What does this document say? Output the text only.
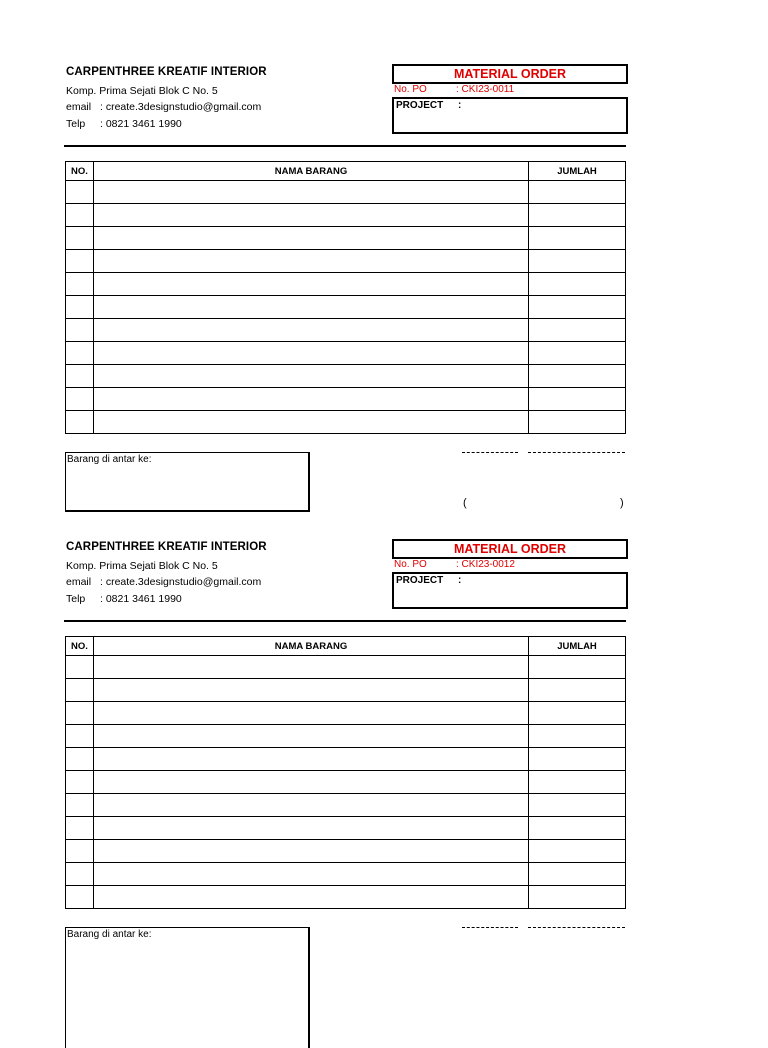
CARPENTHREE KREATIF INTERIOR
Komp. Prima Sejati Blok C No. 5
email : create.3designstudio@gmail.com
Telp : 0821 3461 1990
MATERIAL ORDER
No. PO	: CKI23-0011
PROJECT :
NO.	NAMA BARANG	JUMLAH

Barang di antar ke:
(	)
CARPENTHREE KREATIF INTERIOR
Komp. Prima Sejati Blok C No. 5
email : create.3designstudio@gmail.com
Telp : 0821 3461 1990
MATERIAL ORDER
No. PO	: CKI23-0012
PROJECT :
NO.	NAMA BARANG	JUMLAH

Barang di antar ke:
